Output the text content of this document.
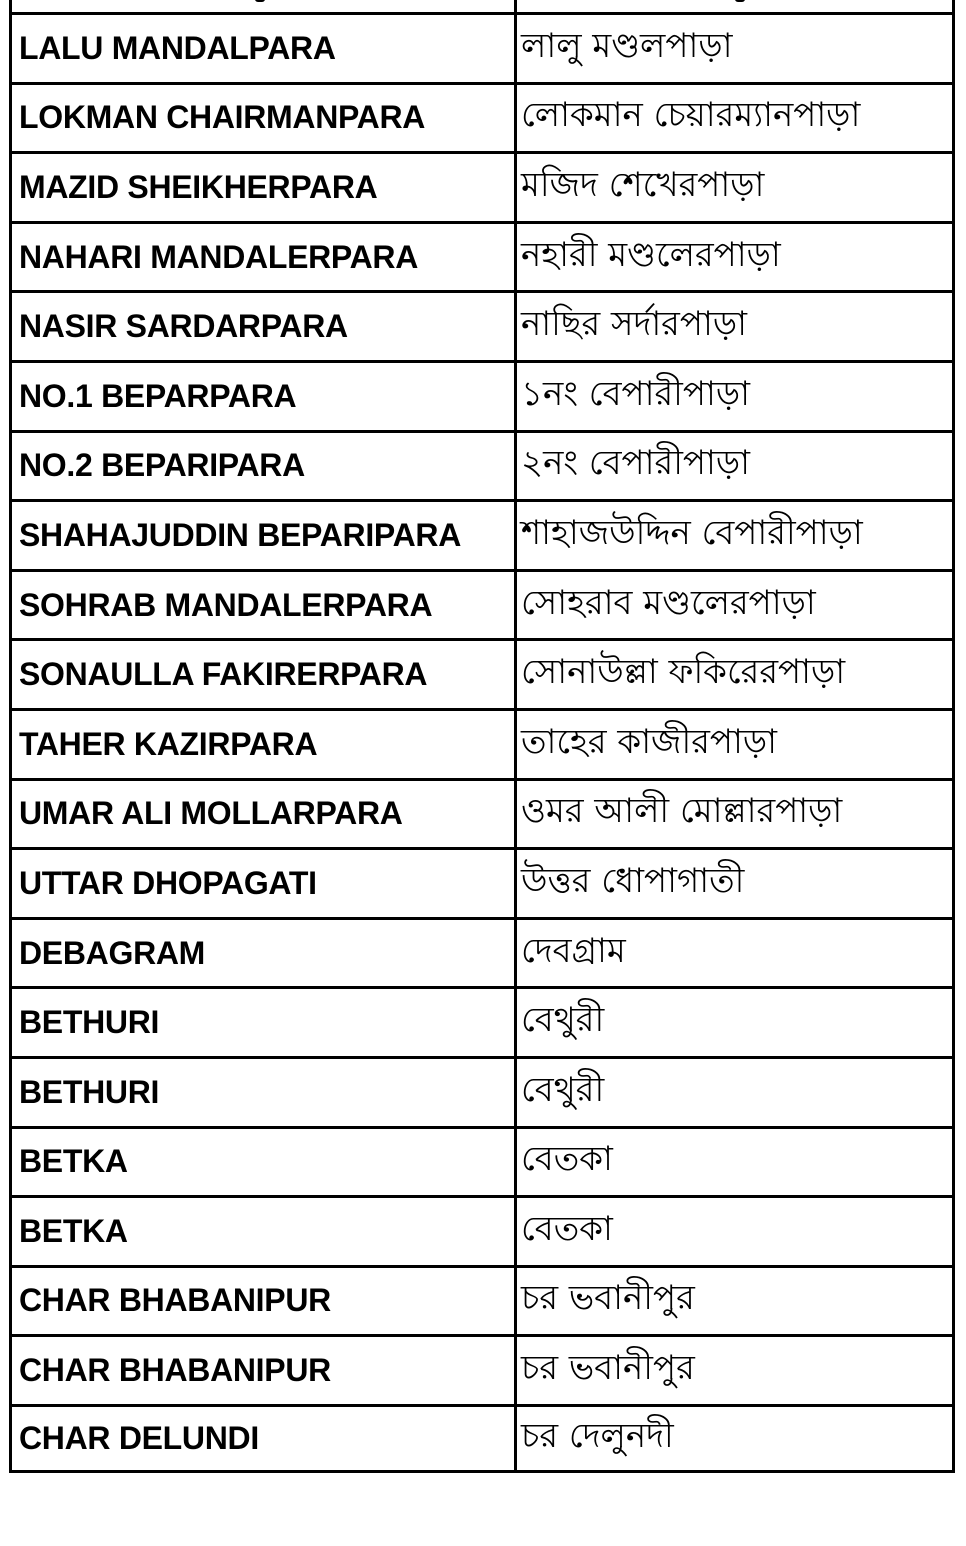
LALU MANDALPARA	লালু মণ্ডলপাড়া
LOKMAN CHAIRMANPARA	লোকমান চেয়ারম্যানপাড়া
MAZID SHEIKHERPARA	মজিদ শেখেরপাড়া
NAHARI MANDALERPARA	নহারী মণ্ডলেরপাড়া
NASIR SARDARPARA	নাছির সর্দারপাড়া
NO.1 BEPARPARA	১নং বেপারীপাড়া
NO.2 BEPARIPARA	২নং বেপারীপাড়া
SHAHAJUDDIN BEPARIPARA শাহাজউদ্দিন বেপারীপাড়া
SOHRAB MANDALERPARA	সোহরাব মণ্ডলেরপাড়া
SONAULLA FAKIRERPARA	সোনাউল্লা ফকিরেরপাড়া
TAHER KAZIRPARA	তাহের কাজীরপাড়া
UMAR ALI MOLLARPARA	ওমর আলী মোল্লারপাড়া
UTTAR DHOPAGATI	উত্তর ধোপাগাতী
DEBAGRAM	দেবগ্রাম
BETHURI	বেথুরী
BETHURI	বেথুরী
BETKA	বেতকা
BETKA	বেতকা
CHAR BHABANIPUR	চর ভবানীপুর
CHAR BHABANIPUR	চর ভবানীপুর
CHAR DELUNDI	চর দেলুনদী
